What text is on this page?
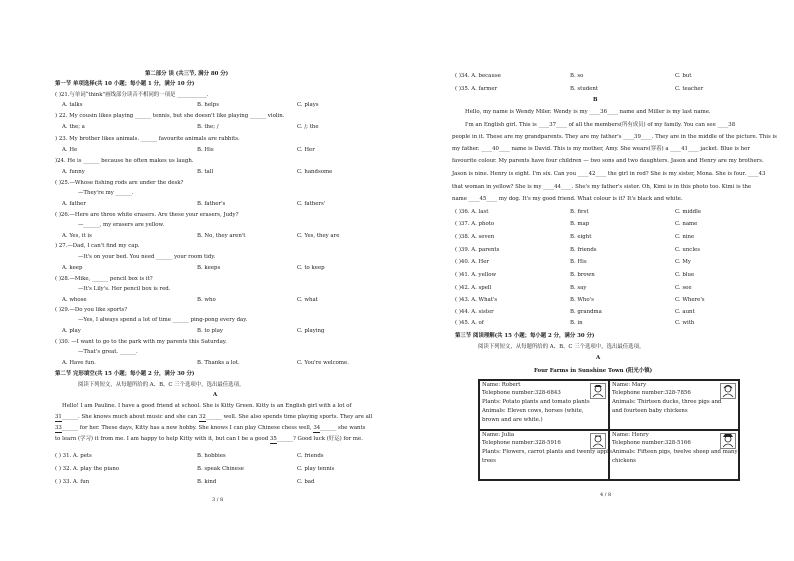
第二部分 读 (共三节, 满分 80 分)
第一节 单项选择(共 10 小题；每小题 1 分，满分 10 分)
( )21.与单词“think”画线部分读音不相同的一项是 ___________.
A. talks	B. helps	C. plays
) 22. My cousin likes playing ______ tennis, but she doesn't like playing ______ violin.
A. the; a	B. the; /	C. /; the
) 23. My brother likes animals. ______ favourite animals are rabbits.
A. He	B. His	C. Her
)24. He is ______ because he often makes us laugh.
A. funny	B. tall	C. handsome
( )25.—Whose fishing rods are under the desk?
—They're my ______.
A. father	B. father's	C. fathers'
( )26.—Here are three white erasers. Are these your erasers, Judy?
—______, my erasers are yellow.
A. Yes, it is	B. No, they aren't	C. Yes, they are
) 27.—Dad, I can't find my cap.
—It's on your bed. You need ______ your room tidy.
A. keep	B. keeps	C. to keep
( )28.—Mike, ______ pencil box is it?
—It's Lily's. Her pencil box is red.
A. whose	B. who	C. what
( )29.—Do you like sports?
—Yes, I always spend a lot of time ______ ping-pong every day.
A. play	B. to play	C. playing
( )30. —I want to go to the park with my parents this Saturday.
—That's great. ______.
A. Have fun.	B. Thanks a lot.	C. You're welcome.
第二节 完形填空(共 15 小题；每小题 2 分，满分 30 分)
阅读下列短文，从每题所给的 A、B、C 三个选项中，选出最佳选项。
A
Hello! I am Pauline. I have a good friend at school. She is Kitty Green. Kitty is an English girl with a lot of
31______. She knows much about music and she can 32______ well. She also spends time playing sports. They are all
33______ for her. These days, Kitty has a new hobby. She knows I can play Chinese chess well, 34______ she wants
to learn (学习) it from me. I am happy to help Kitty with it, but can I be a good 35______? Good luck (好运) for me.
( ) 31. A. pets	B. hobbies	C. friends
( ) 32. A. play the piano	B. speak Chinese	C. play tennis
( ) 33. A. fun	B. kind	C. bad
3 / 8
( )34. A. because	B. so	C. but
( )35. A. farmer	B. student	C. teacher
B
Hello, my name is Wendy Miler. Wendy is my ____36____ name and Miller is my last name.
I'm an English girl. This is ____37____ of all the members(所有成员) of my family. You can see ____38
people in it. These are my grandparents. They are my father's ____39____. They are in the middle of the picture. This is
my father. ____40____ name is David. This is my mother, Amy. She wears(穿着) a ____41____ jacket. Blue is her
favourite colour. My parents have four children — two sons and two daughters. Jason and Henry are my brothers.
Jason is nine. Henry is eight. I'm six. Can you ____42____ the girl in red? She is my sister, Mona. She is four. ____43
that woman in yellow? She is my ____44____. She's my father's sister. Oh, Kimi is in this photo too. Kimi is the
name ____45____ my dog. It's my good friend. What colour is it? It's black and white.
( )36. A. last	B. first	C. middle
( )37. A. photo	B. map	C. name
( )38. A. seven	B. eight	C. nine
( )39. A. parents	B. friends	C. uncles
( )40. A. Her	B. His	C. My
( )41. A. yellow	B. brown	C. blue
( )42. A. spell	B. say	C. see
( )43. A. What's	B. Who's	C. Where's
( )44. A. sister	B. grandma	C. aunt
( )45. A. of	B. in	C. with
第三节 阅读理解(共 15 小题；每小题 2 分，满分 30 分)
阅读下列短文，从每题所给的 A、B、C 三个选项中，选出最佳选项。
A
Four Farms in Sunshine Town (阳光小镇)
Name: Robert
Telephone number:328-6843
Plants: Potato plants and tomato plants
Animals: Eleven cows, horses (white,
brown and are white.)
Name: Mary
Telephone number:328-7856
Animals: Thirteen ducks, three pigs and
and fourteen baby chickens
Name: Julia
Telephone number:328-5916
Plants: Flowers, carrot plants and twenty apple
trees
Name: Henry
Telephone number:328-5166
Animals: Fifteen pigs, twelve sheep and many
chickens
4 / 8
